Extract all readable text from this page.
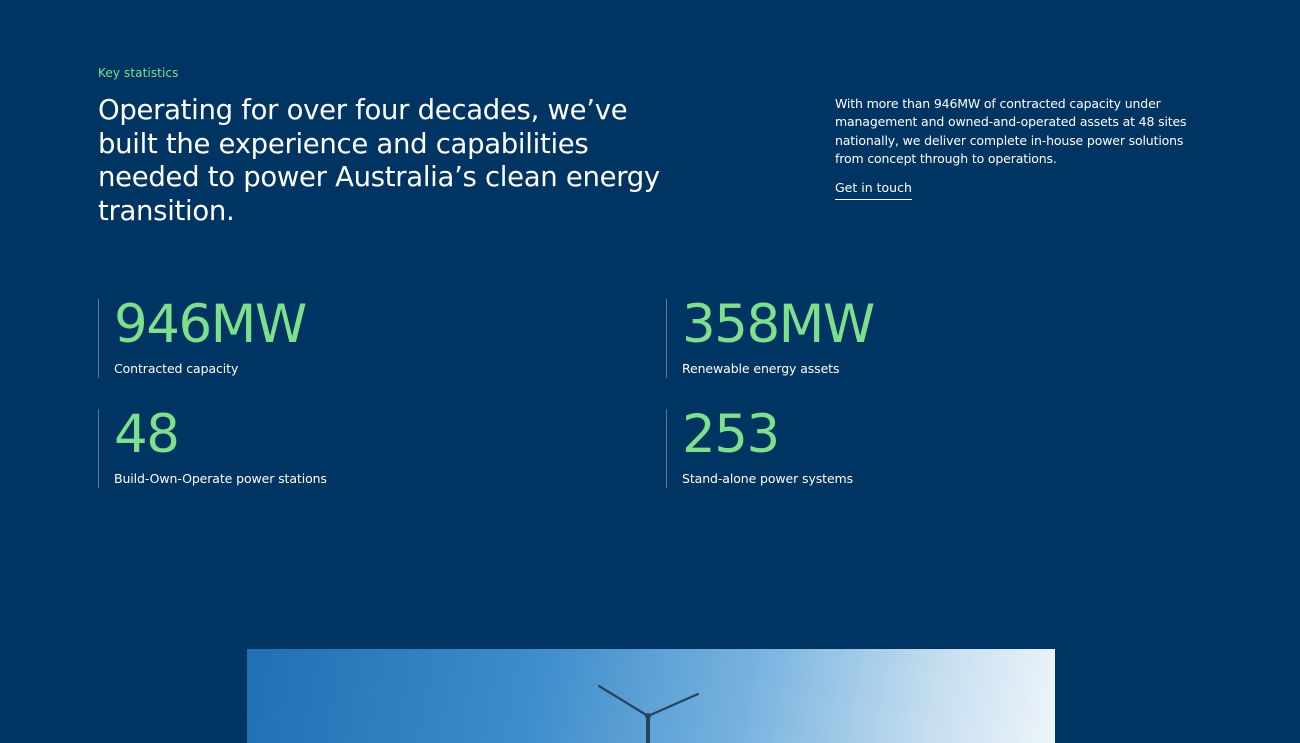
Key statistics
Operating for over four decades, we’ve built the experience and capabilities needed to power Australia’s clean energy transition.

With more than 946MW of contracted capacity under management and owned-and-operated assets at 48 sites nationally, we deliver complete in-house power solutions from concept through to operations.

Get in touch
946MW
Contracted capacity
358MW
Renewable energy assets
48
Build-Own-Operate power stations
253
Stand-alone power systems
